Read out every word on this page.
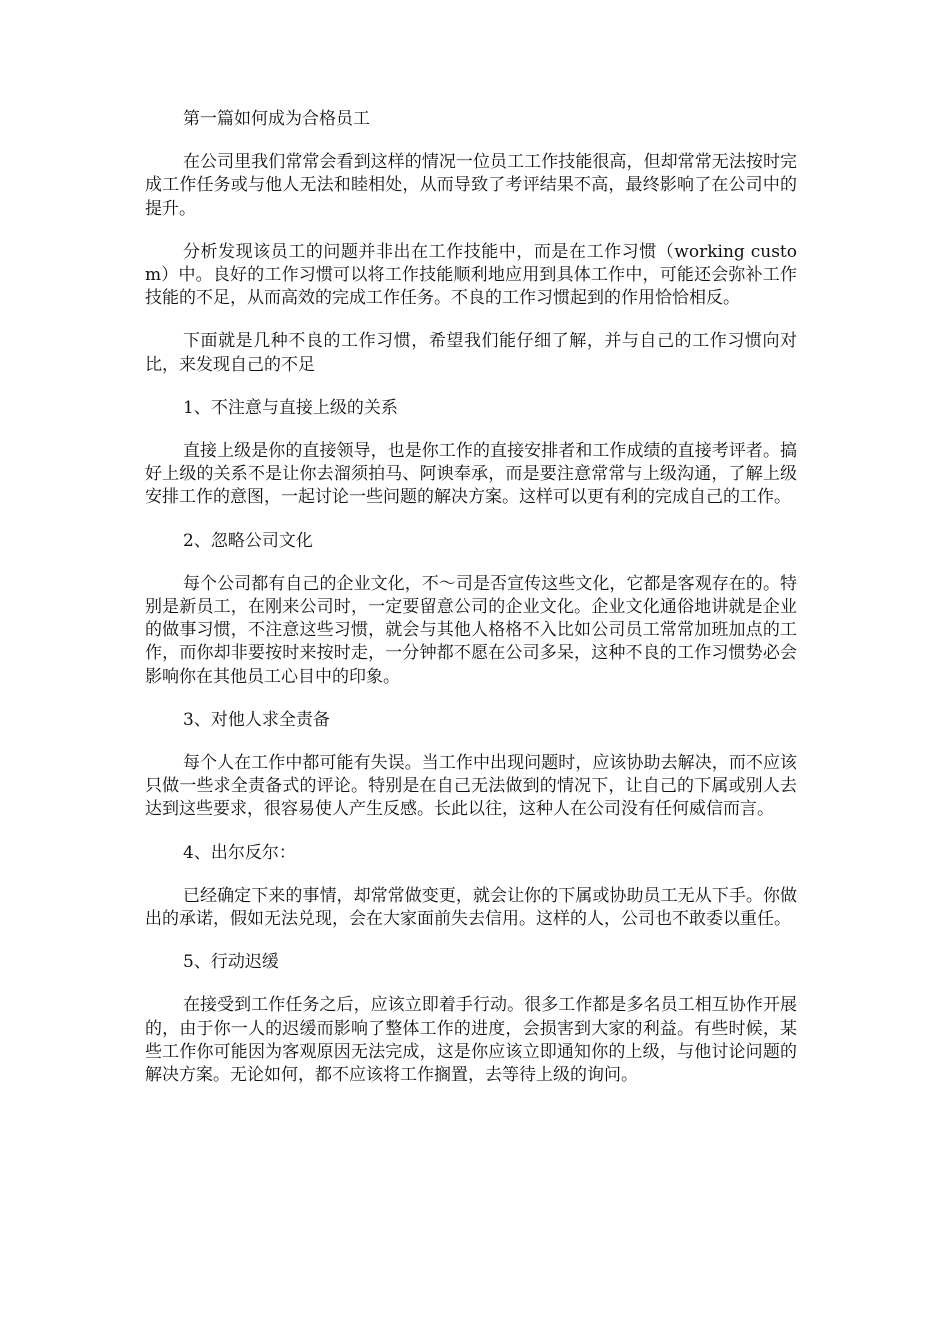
第一篇如何成为合格员工

在公司里我们常常会看到这样的情况一位员工工作技能很高，但却常常无法按时完成工作任务或与他人无法和睦相处，从而导致了考评结果不高，最终影响了在公司中的提升。

分析发现该员工的问题并非出在工作技能中，而是在工作习惯（working custom）中。良好的工作习惯可以将工作技能顺利地应用到具体工作中，可能还会弥补工作技能的不足，从而高效的完成工作任务。不良的工作习惯起到的作用恰恰相反。

下面就是几种不良的工作习惯，希望我们能仔细了解，并与自己的工作习惯向对比，来发现自己的不足

1、不注意与直接上级的关系

直接上级是你的直接领导，也是你工作的直接安排者和工作成绩的直接考评者。搞好上级的关系不是让你去溜须拍马、阿谀奉承，而是要注意常常与上级沟通，了解上级安排工作的意图，一起讨论一些问题的解决方案。这样可以更有利的完成自己的工作。

2、忽略公司文化

每个公司都有自己的企业文化，不～司是否宣传这些文化，它都是客观存在的。特别是新员工，在刚来公司时，一定要留意公司的企业文化。企业文化通俗地讲就是企业的做事习惯，不注意这些习惯，就会与其他人格格不入比如公司员工常常加班加点的工作，而你却非要按时来按时走，一分钟都不愿在公司多呆，这种不良的工作习惯势必会影响你在其他员工心目中的印象。

3、对他人求全责备

每个人在工作中都可能有失误。当工作中出现问题时，应该协助去解决，而不应该只做一些求全责备式的评论。特别是在自己无法做到的情况下，让自己的下属或别人去达到这些要求，很容易使人产生反感。长此以往，这种人在公司没有任何威信而言。

4、出尔反尔：

已经确定下来的事情，却常常做变更，就会让你的下属或协助员工无从下手。你做出的承诺，假如无法兑现，会在大家面前失去信用。这样的人，公司也不敢委以重任。

5、行动迟缓

在接受到工作任务之后，应该立即着手行动。很多工作都是多名员工相互协作开展的，由于你一人的迟缓而影响了整体工作的进度，会损害到大家的利益。有些时候，某些工作你可能因为客观原因无法完成，这是你应该立即通知你的上级，与他讨论问题的解决方案。无论如何，都不应该将工作搁置，去等待上级的询问。
